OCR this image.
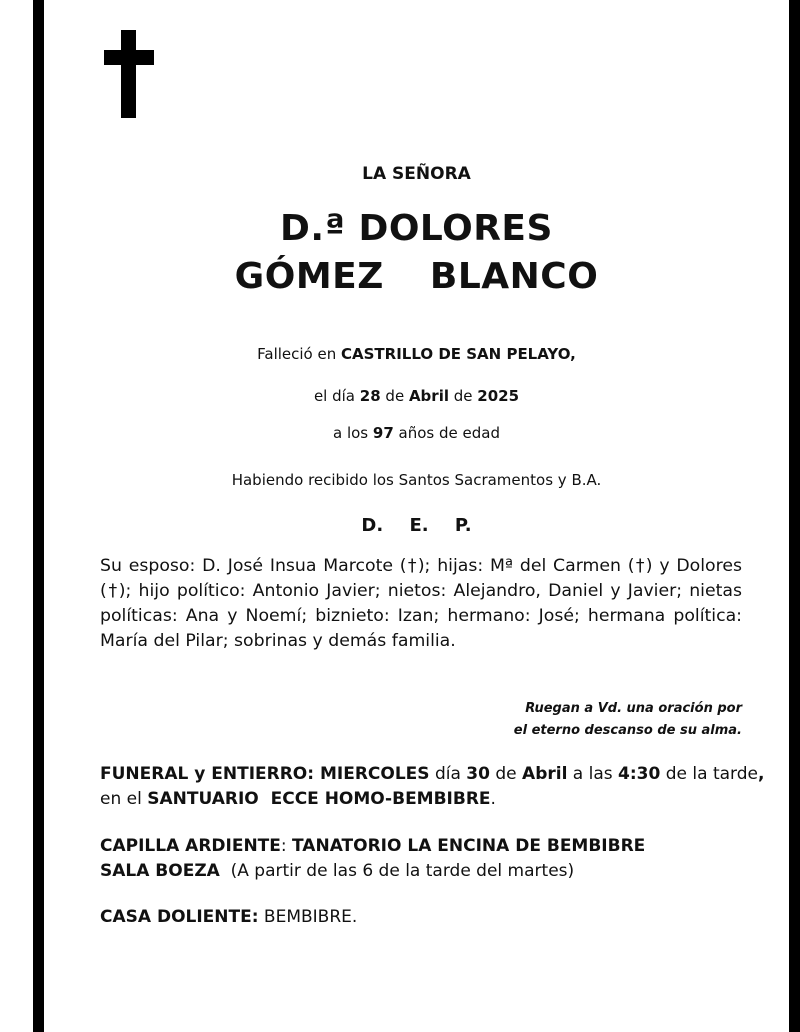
LA SEÑORA
D.ª DOLORES
GÓMEZ  BLANCO
Falleció en CASTRILLO DE SAN PELAYO,
el día 28 de Abril de 2025
a los 97 años de edad
Habiendo recibido los Santos Sacramentos y B.A.
D. E. P.
Su esposo: D. José Insua Marcote (†); hijas: Mª del Carmen (†) y Dolores (†); hijo político: Antonio Javier; nietos: Alejandro, Daniel y Javier; nietas políticas: Ana y Noemí; biznieto: Izan; hermano: José; hermana política: María del Pilar; sobrinas y demás familia.
Ruegan a Vd. una oración por
el eterno descanso de su alma.
FUNERAL y ENTIERRO: MIERCOLES día 30 de Abril a las 4:30 de la tarde,
en el SANTUARIO  ECCE HOMO-BEMBIBRE.
CAPILLA ARDIENTE: TANATORIO LA ENCINA DE BEMBIBRE
SALA BOEZA  (A partir de las 6 de la tarde del martes)
CASA DOLIENTE: BEMBIBRE.
